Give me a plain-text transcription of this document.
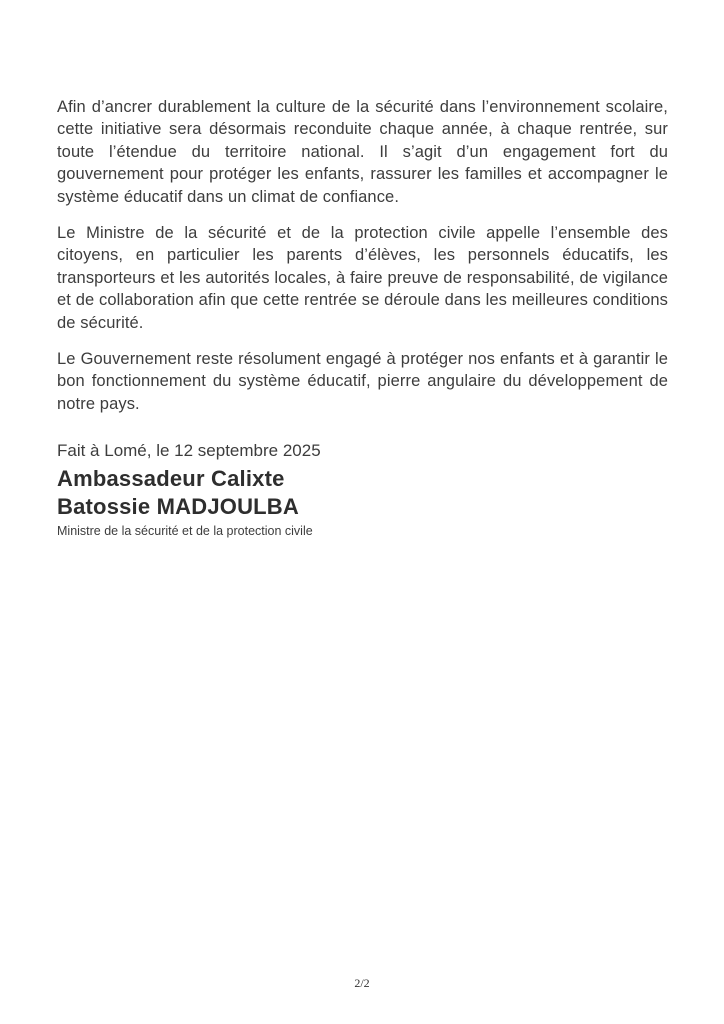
Afin d’ancrer durablement la culture de la sécurité dans l’environnement scolaire, cette initiative sera désormais reconduite chaque année, à chaque rentrée, sur toute l’étendue du territoire national. Il s’agit d’un engagement fort du gouvernement pour protéger les enfants, rassurer les familles et accompagner le système éducatif dans un climat de confiance.

Le Ministre de la sécurité et de la protection civile appelle l’ensemble des citoyens, en particulier les parents d’élèves, les personnels éducatifs, les transporteurs et les autorités locales, à faire preuve de responsabilité, de vigilance et de collaboration afin que cette rentrée se déroule dans les meilleures conditions de sécurité.

Le Gouvernement reste résolument engagé à protéger nos enfants et à garantir le bon fonctionnement du système éducatif, pierre angulaire du développement de notre pays.

Fait à Lomé, le 12 septembre 2025
Ambassadeur Calixte
Batossie MADJOULBA
Ministre de la sécurité et de la protection civile
2/2
